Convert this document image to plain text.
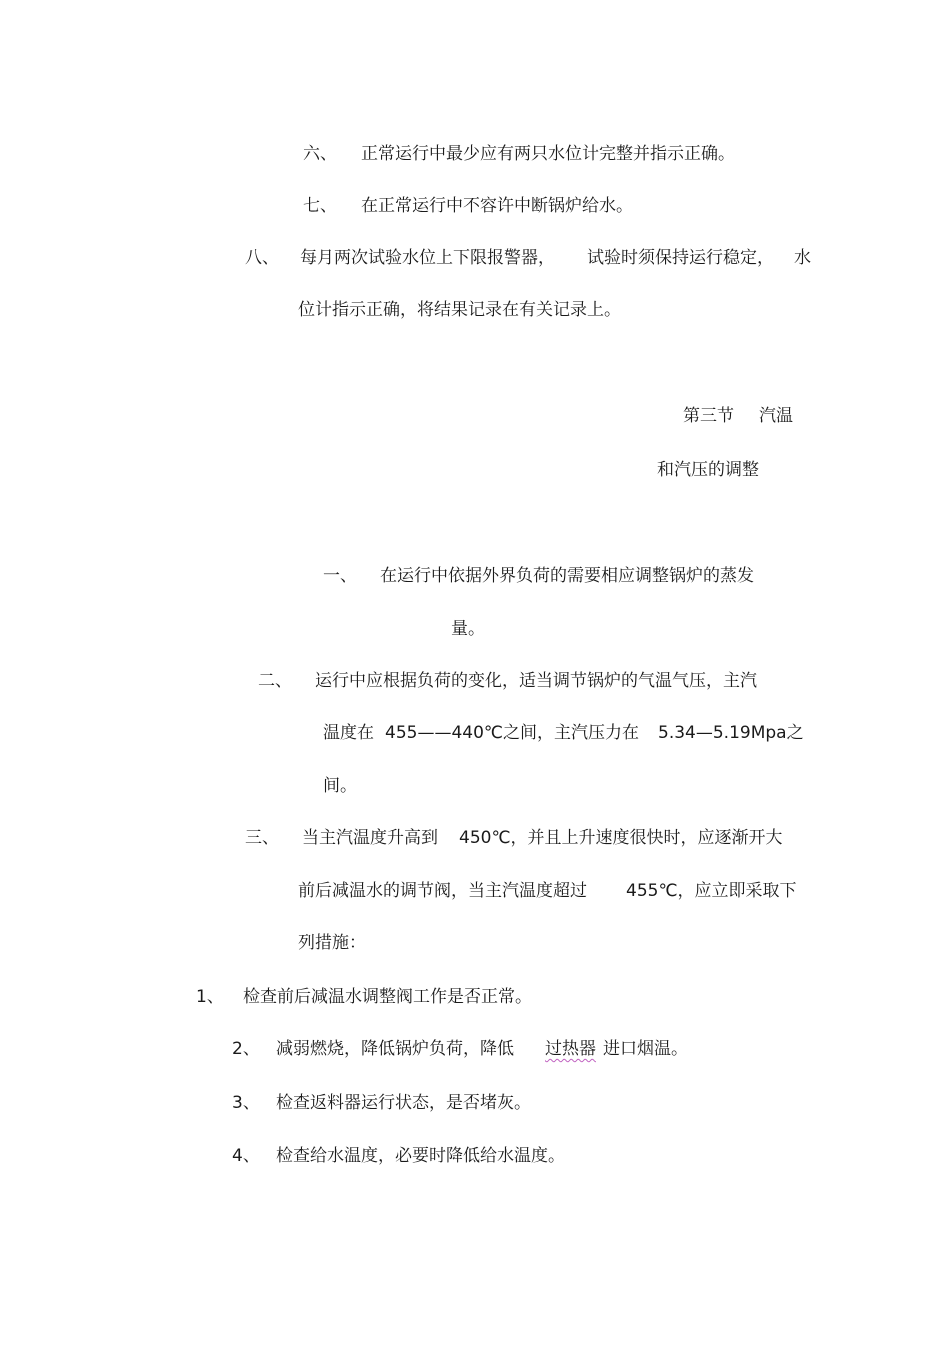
六、 正常运行中最少应有两只水位计完整并指示正确。
七、 在正常运行中不容许中断锅炉给水。
八、 每月两次试验水位上下限报警器， 试验时须保持运行稳定， 水
位计指示正确，将结果记录在有关记录上。
第三节 汽温
和汽压的调整
一、 在运行中依据外界负荷的需要相应调整锅炉的蒸发
量。
二、 运行中应根据负荷的变化，适当调节锅炉的气温气压，主汽
温度在 455——440℃之间，主汽压力在 5.34—5.19Mpa之
间。
三、 当主汽温度升高到 450℃，并且上升速度很快时，应逐渐开大
前后减温水的调节阀，当主汽温度超过 455℃，应立即采取下
列措施：
1、 检查前后减温水调整阀工作是否正常。
2、 减弱燃烧，降低锅炉负荷，降低 过热器 进口烟温。
3、 检查返料器运行状态，是否堵灰。
4、 检查给水温度，必要时降低给水温度。
